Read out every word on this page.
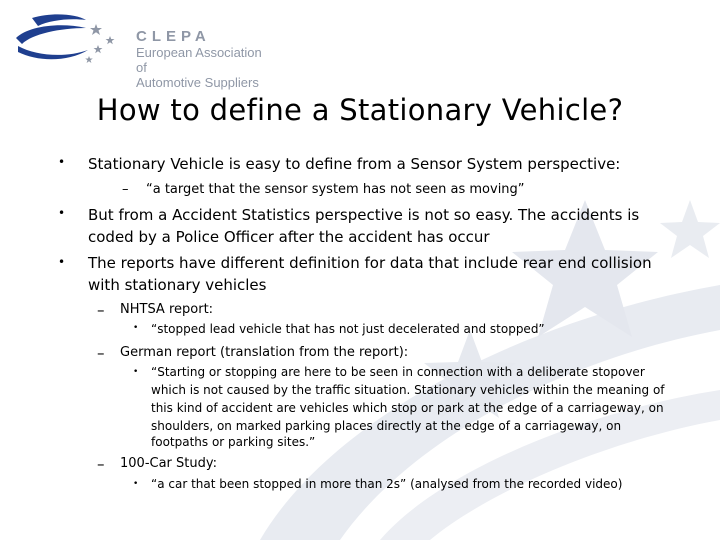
CLEPA
European Association of
Automotive Suppliers
How to define a Stationary Vehicle?
• Stationary Vehicle is easy to define from a Sensor System perspective:
– “a target that the sensor system has not seen as moving”
• But from a Accident Statistics perspective is not so easy. The accidents is
coded by a Police Officer after the accident has occur
• The reports have different definition for data that include rear end collision
with stationary vehicles
– NHTSA report:
• “stopped lead vehicle that has not just decelerated and stopped”
– German report (translation from the report):
• “Starting or stopping are here to be seen in connection with a deliberate stopover
which is not caused by the traffic situation. Stationary vehicles within the meaning of
this kind of accident are vehicles which stop or park at the edge of a carriageway, on
shoulders, on marked parking places directly at the edge of a carriageway, on
footpaths or parking sites.”
– 100-Car Study:
• “a car that been stopped in more than 2s” (analysed from the recorded video)
